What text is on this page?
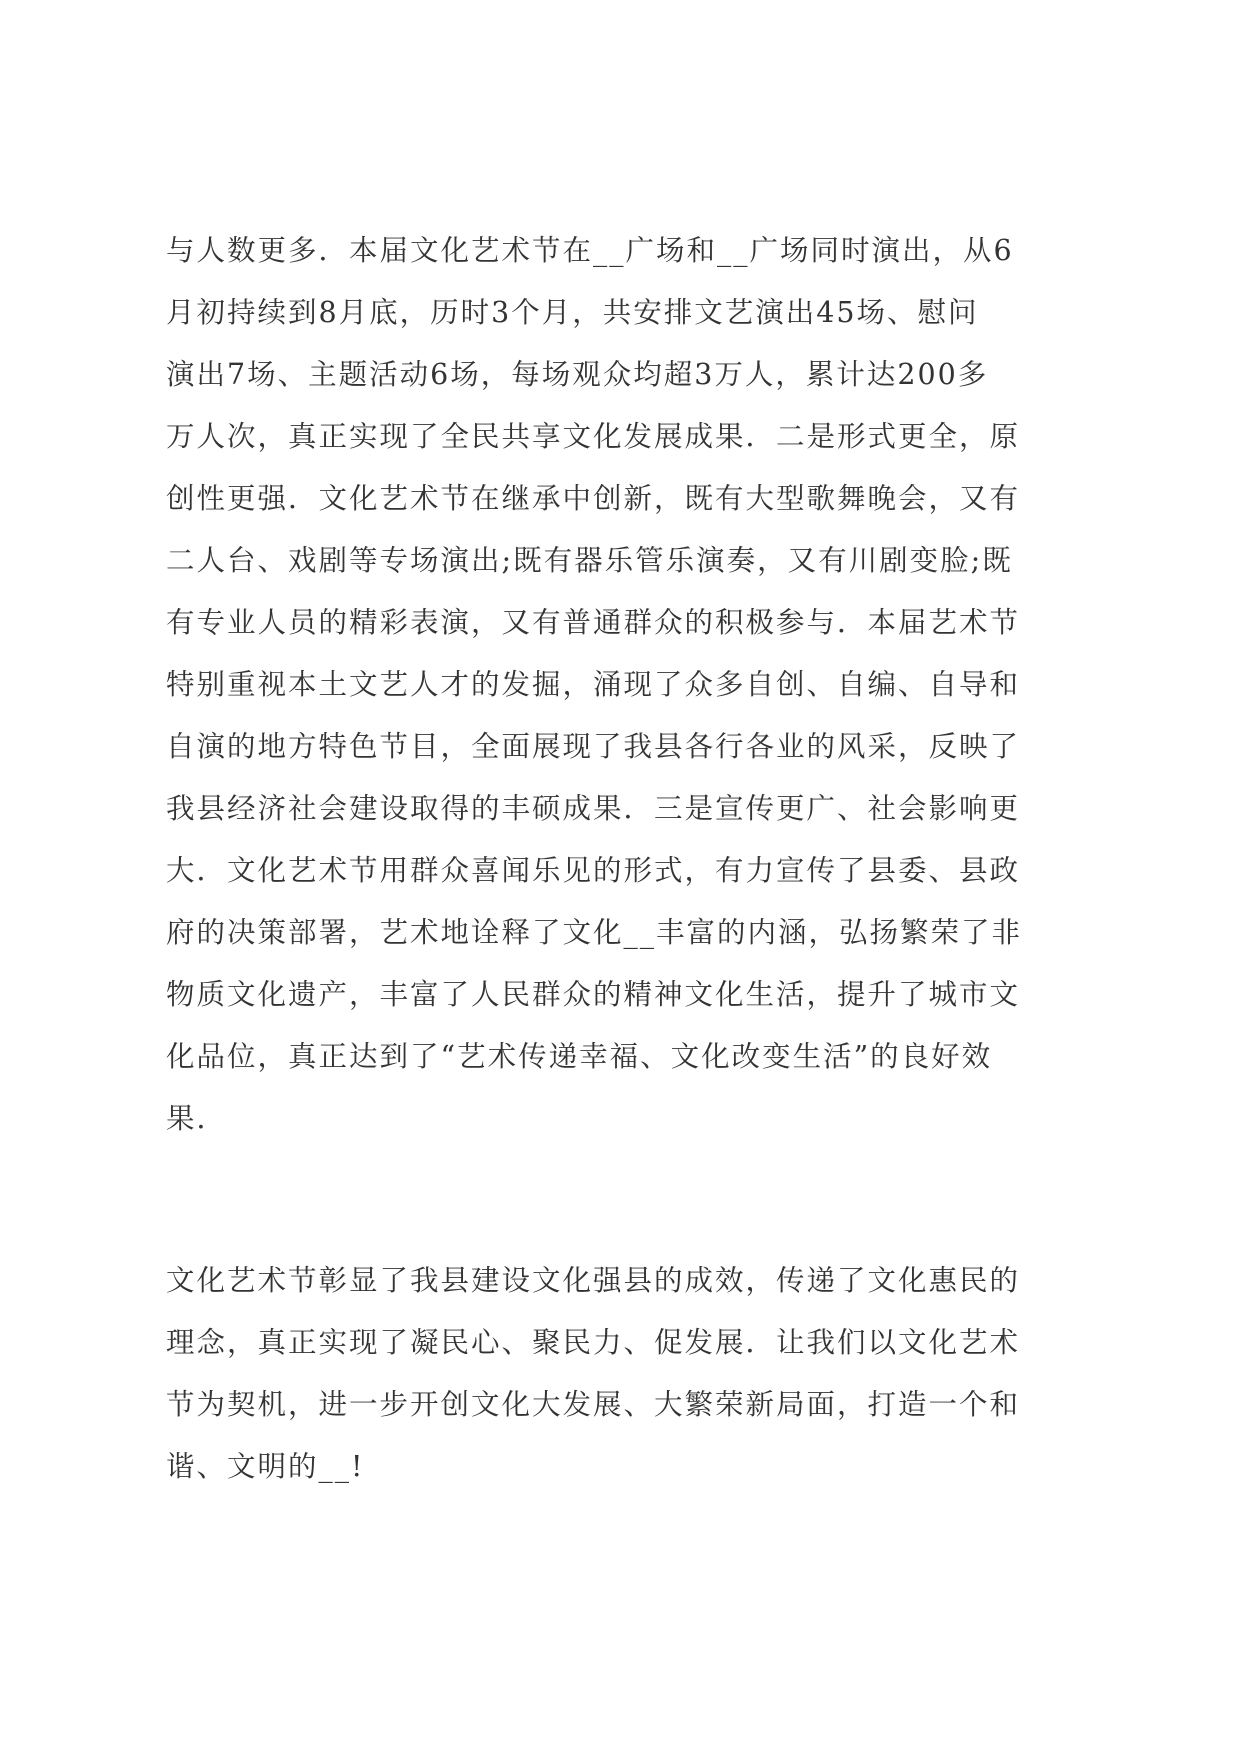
与人数更多．本届文化艺术节在__广场和__广场同时演出，从6
月初持续到8月底，历时3个月，共安排文艺演出45场、慰问
演出7场、主题活动6场，每场观众均超3万人，累计达200多
万人次，真正实现了全民共享文化发展成果．二是形式更全，原
创性更强．文化艺术节在继承中创新，既有大型歌舞晚会，又有
二人台、戏剧等专场演出;既有器乐管乐演奏，又有川剧变脸;既
有专业人员的精彩表演，又有普通群众的积极参与．本届艺术节
特别重视本土文艺人才的发掘，涌现了众多自创、自编、自导和
自演的地方特色节目，全面展现了我县各行各业的风采，反映了
我县经济社会建设取得的丰硕成果．三是宣传更广、社会影响更
大．文化艺术节用群众喜闻乐见的形式，有力宣传了县委、县政
府的决策部署，艺术地诠释了文化__丰富的内涵，弘扬繁荣了非
物质文化遗产，丰富了人民群众的精神文化生活，提升了城市文
化品位，真正达到了“艺术传递幸福、文化改变生活”的良好效
果．
文化艺术节彰显了我县建设文化强县的成效，传递了文化惠民的
理念，真正实现了凝民心、聚民力、促发展．让我们以文化艺术
节为契机，进一步开创文化大发展、大繁荣新局面，打造一个和
谐、文明的__!
